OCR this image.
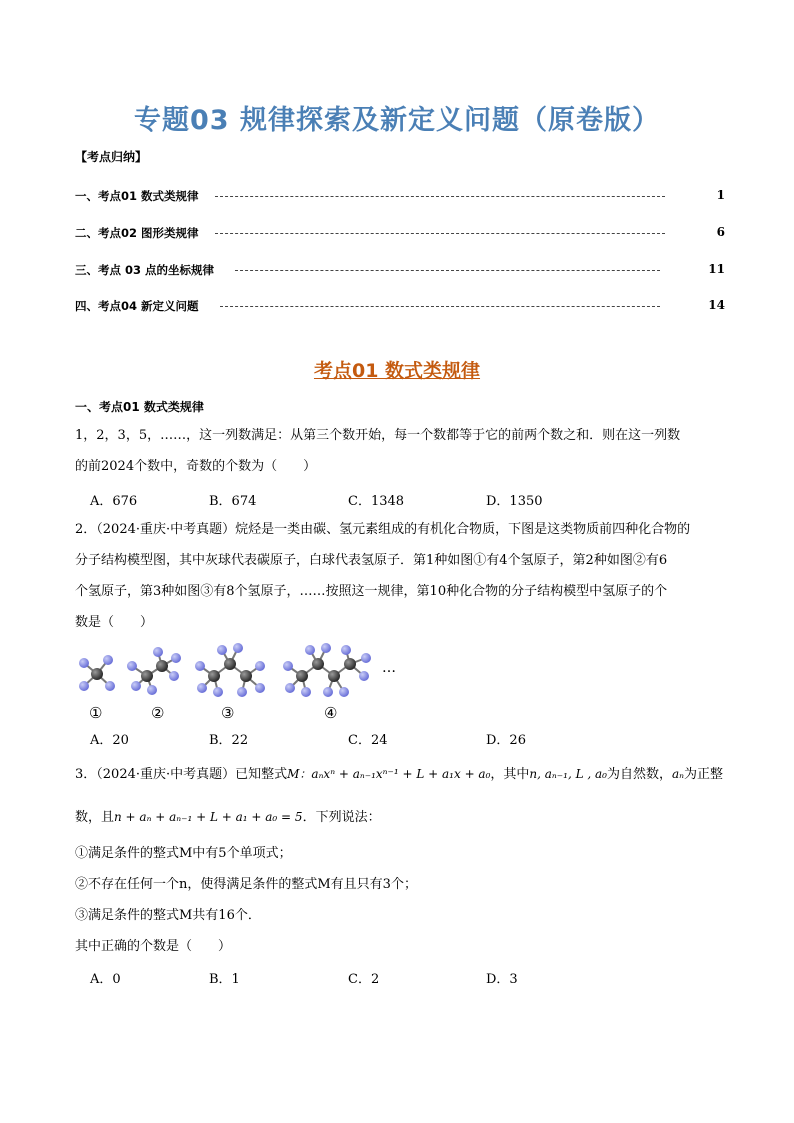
专题03 规律探索及新定义问题（原卷版）
【考点归纳】
一、考点01 数式类规律	1
二、考点02 图形类规律	6
三、考点 03 点的坐标规律	11
四、考点04 新定义问题	14
考点01 数式类规律
一、考点01 数式类规律
1，2，3，5，……，这一列数满足：从第三个数开始，每一个数都等于它的前两个数之和．则在这一列数
的前2024个数中，奇数的个数为（　　）
A．676	B．674	C．1348	D．1350
2．（2024·重庆·中考真题）烷烃是一类由碳、氢元素组成的有机化合物质，下图是这类物质前四种化合物的
分子结构模型图，其中灰球代表碳原子，白球代表氢原子．第1种如图①有4个氢原子，第2种如图②有6
个氢原子，第3种如图③有8个氢原子，……按照这一规律，第10种化合物的分子结构模型中氢原子的个
数是（　　）
…
①	②	③	④
A．20	B．22	C．24	D．26
3．（2024·重庆·中考真题）已知整式M：aₙxⁿ + aₙ₋₁xⁿ⁻¹ + L + a₁x + a₀，其中n, aₙ₋₁, L , a₀为自然数，aₙ为正整
数，且n + aₙ + aₙ₋₁ + L + a₁ + a₀ = 5．下列说法：
①满足条件的整式M中有5个单项式；
②不存在任何一个n，使得满足条件的整式M有且只有3个；
③满足条件的整式M共有16个．
其中正确的个数是（　　）
A．0	B．1	C．2	D．3
